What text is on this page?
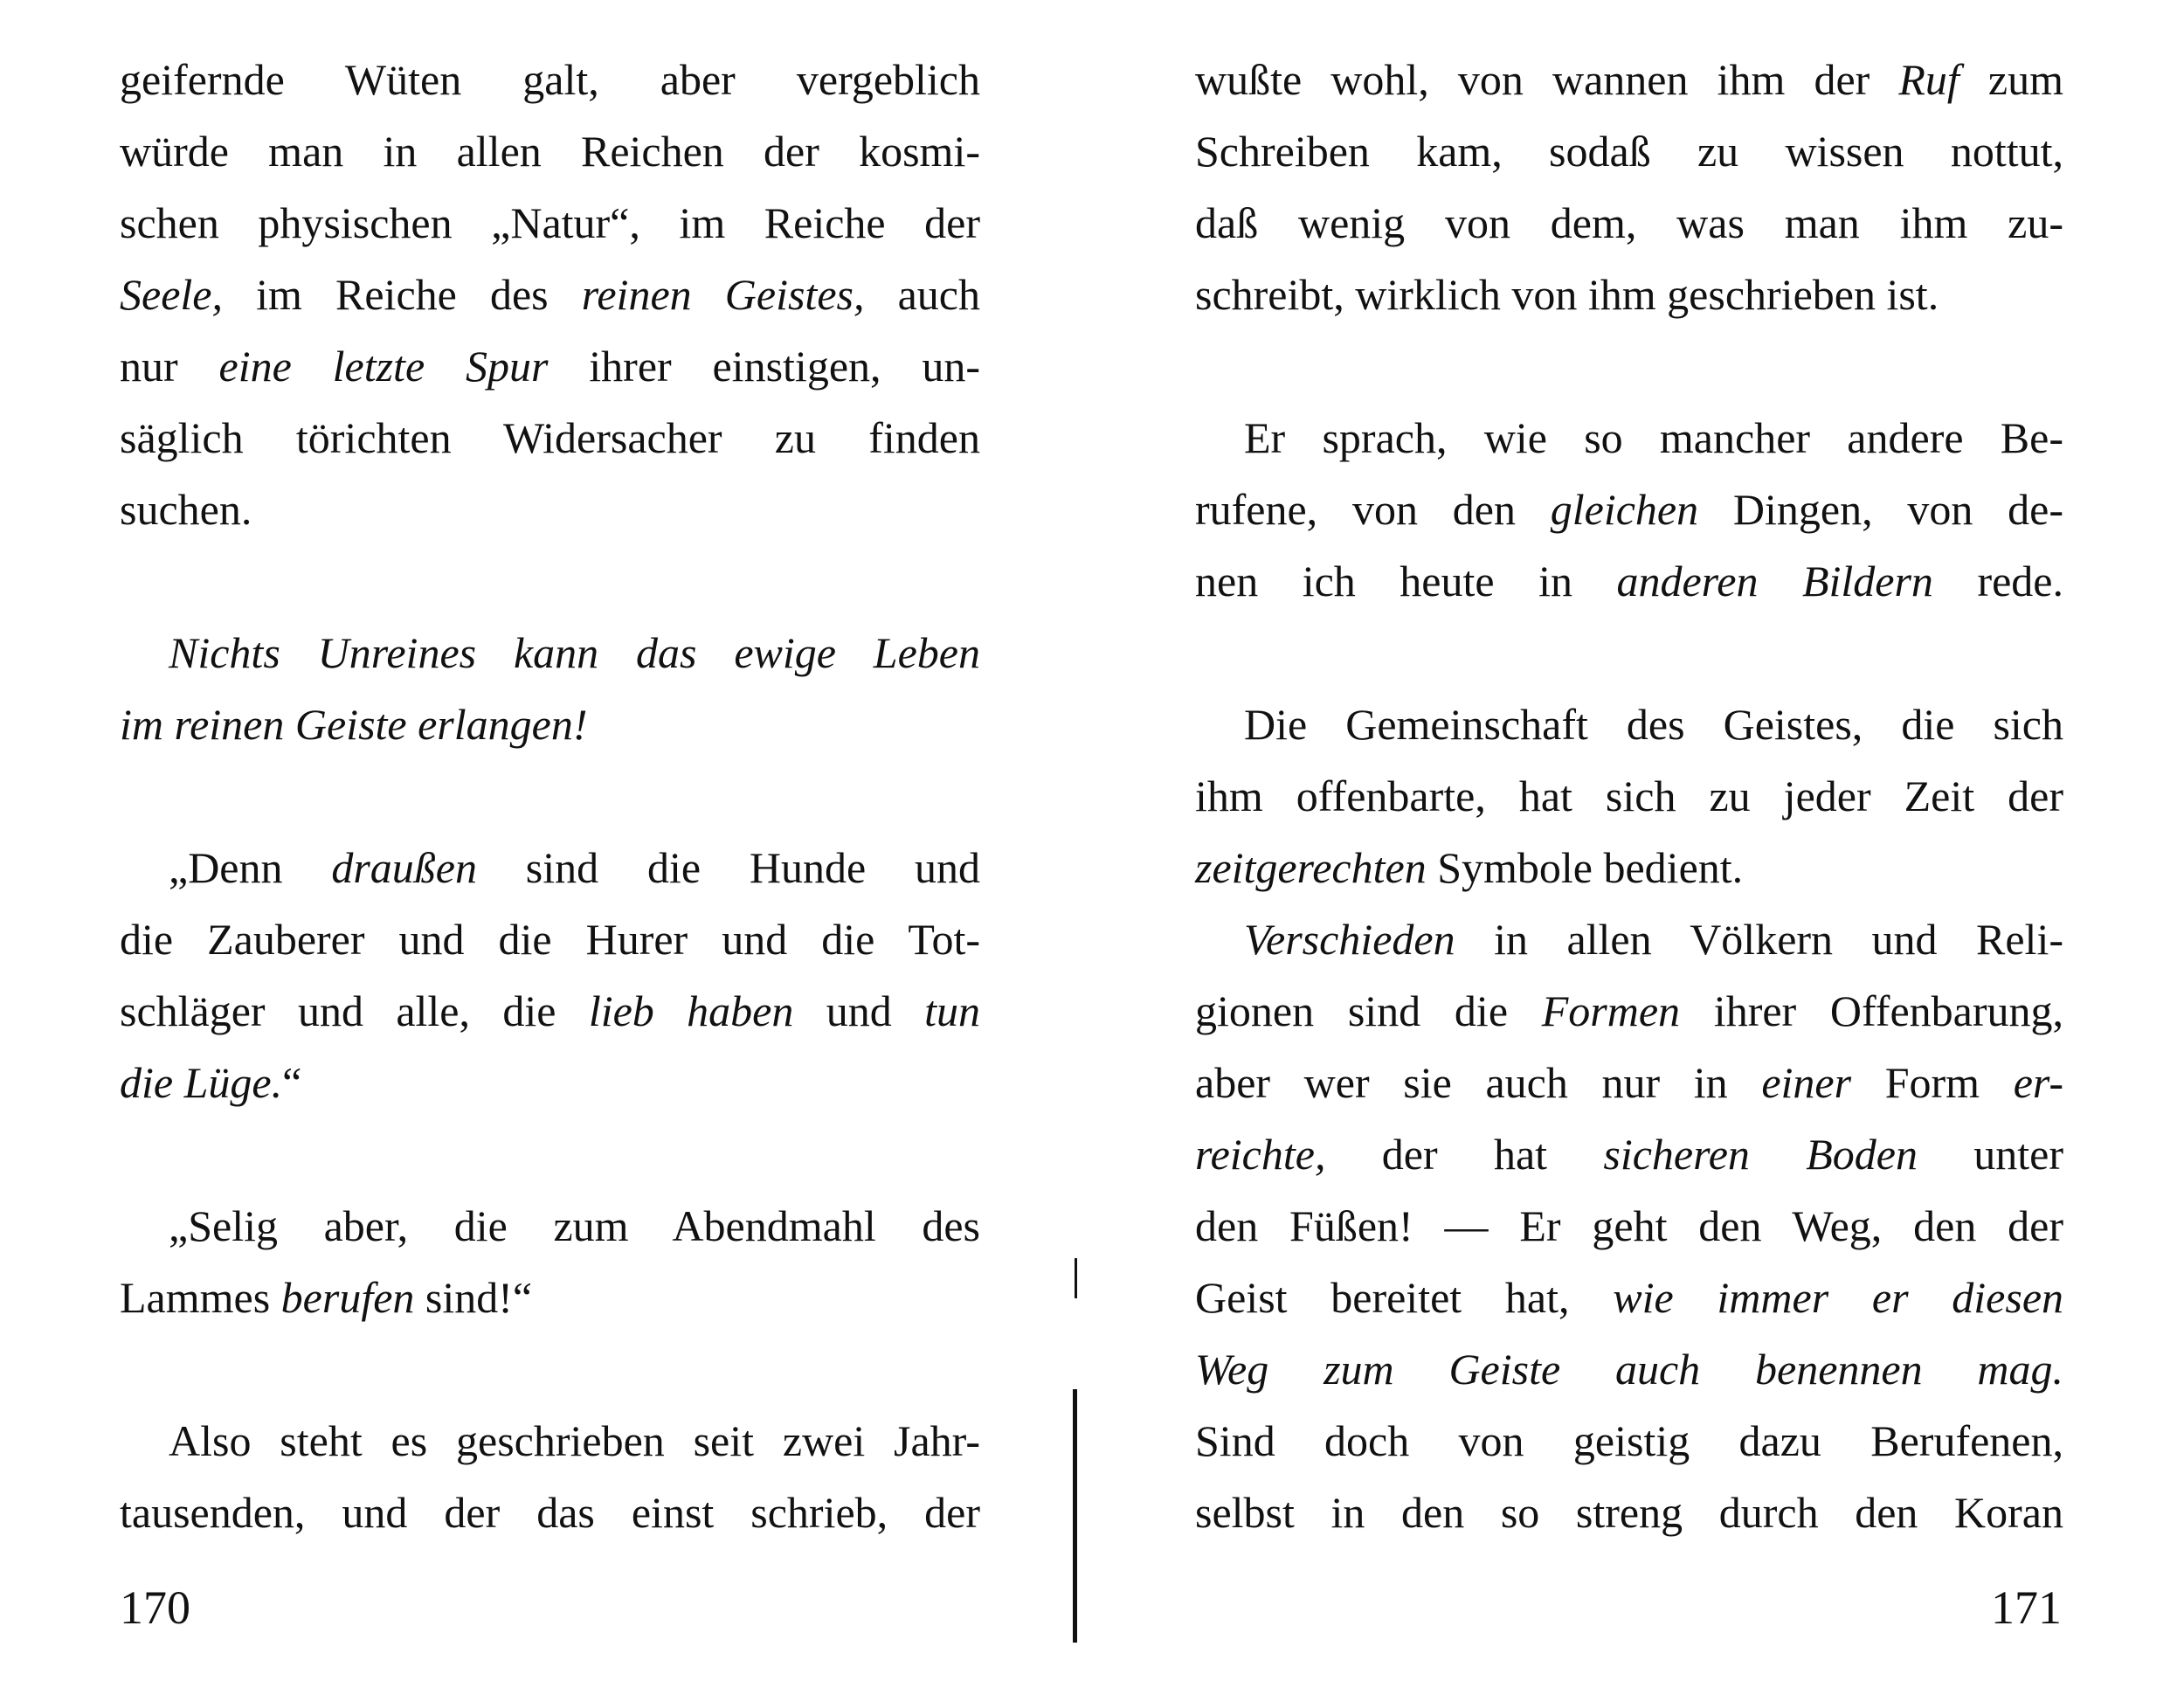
geifernde Wüten galt, aber vergeblich
würde man in allen Reichen der kosmi-
schen physischen „Natur“, im Reiche der
Seele, im Reiche des reinen Geistes, auch
nur eine letzte Spur ihrer einstigen, un-
säglich törichten Widersacher zu finden
suchen.
Nichts Unreines kann das ewige Leben
im reinen Geiste erlangen!
„Denn draußen sind die Hunde und
die Zauberer und die Hurer und die Tot-
schläger und alle, die lieb haben und tun
die Lüge.“
„Selig aber, die zum Abendmahl des
Lammes berufen sind!“
Also steht es geschrieben seit zwei Jahr-
tausenden, und der das einst schrieb, der
wußte wohl, von wannen ihm der Ruf zum
Schreiben kam, sodaß zu wissen nottut,
daß wenig von dem, was man ihm zu-
schreibt, wirklich von ihm geschrieben ist.
Er sprach, wie so mancher andere Be-
rufene, von den gleichen Dingen, von de-
nen ich heute in anderen Bildern rede.
Die Gemeinschaft des Geistes, die sich
ihm offenbarte, hat sich zu jeder Zeit der
zeitgerechten Symbole bedient.
Verschieden in allen Völkern und Reli-
gionen sind die Formen ihrer Offenbarung,
aber wer sie auch nur in einer Form er-
reichte, der hat sicheren Boden unter
den Füßen! — Er geht den Weg, den der
Geist bereitet hat, wie immer er diesen
Weg zum Geiste auch benennen mag.
Sind doch von geistig dazu Berufenen,
selbst in den so streng durch den Koran
170	171
